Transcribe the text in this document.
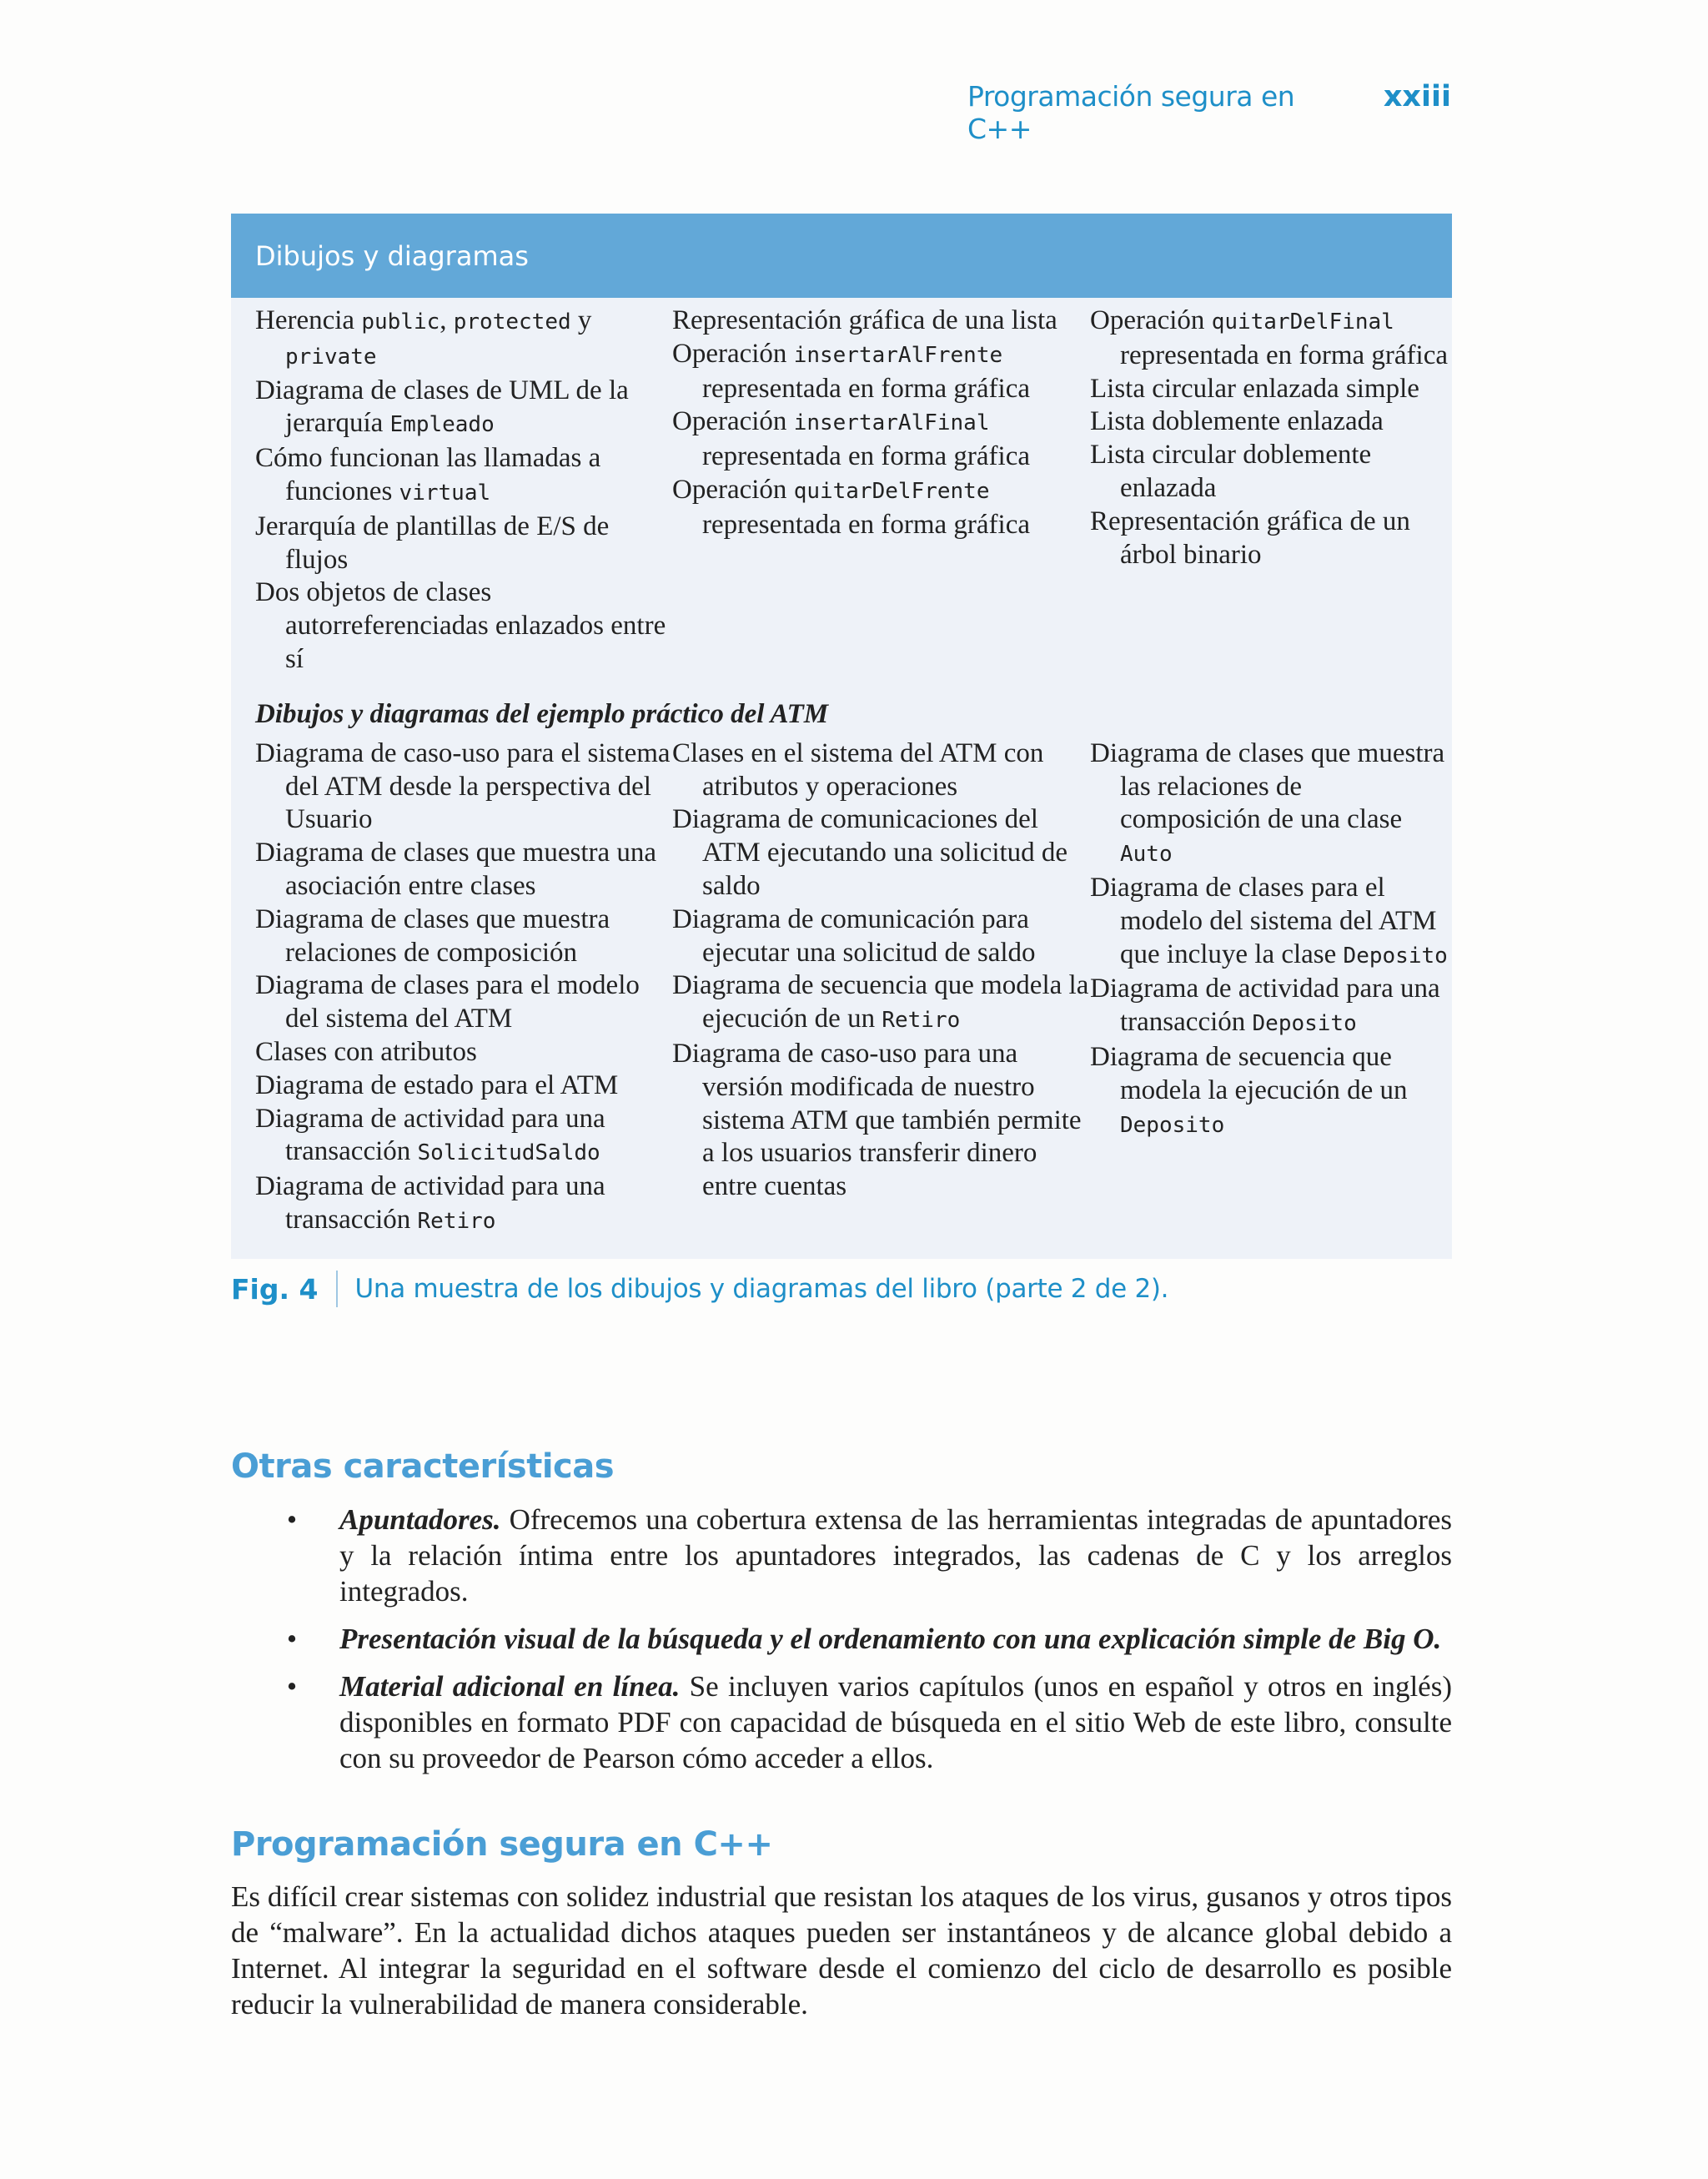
Programación segura en C++
xxiii
Dibujos y diagramas
Herencia public, protected y private
Diagrama de clases de UML de la jerarquía Empleado
Cómo funcionan las llamadas a funciones virtual
Jerarquía de plantillas de E/S de flujos
Dos objetos de clases autorreferenciadas enlazados entre sí
Representación gráfica de una lista
Operación insertarAlFrente representada en forma gráfica
Operación insertarAlFinal representada en forma gráfica
Operación quitarDelFrente representada en forma gráfica
Operación quitarDelFinal representada en forma gráfica
Lista circular enlazada simple
Lista doblemente enlazada
Lista circular doblemente enlazada
Representación gráfica de un árbol binario
Dibujos y diagramas del ejemplo práctico del ATM
Diagrama de caso-uso para el sistema del ATM desde la perspectiva del Usuario
Diagrama de clases que muestra una asociación entre clases
Diagrama de clases que muestra relaciones de composición
Diagrama de clases para el modelo del sistema del ATM
Clases con atributos
Diagrama de estado para el ATM
Diagrama de actividad para una transacción SolicitudSaldo
Diagrama de actividad para una transacción Retiro
Clases en el sistema del ATM con atributos y operaciones
Diagrama de comunicaciones del ATM ejecutando una solicitud de saldo
Diagrama de comunicación para ejecutar una solicitud de saldo
Diagrama de secuencia que modela la ejecución de un Retiro
Diagrama de caso-uso para una versión modificada de nuestro sistema ATM que también permite a los usuarios transferir dinero entre cuentas
Diagrama de clases que muestra las relaciones de composición de una clase Auto
Diagrama de clases para el modelo del sistema del ATM que incluye la clase Deposito
Diagrama de actividad para una transacción Deposito
Diagrama de secuencia que modela la ejecución de un Deposito
Fig. 4 Una muestra de los dibujos y diagramas del libro (parte 2 de 2).
Otras características
•	Apuntadores. Ofrecemos una cobertura extensa de las herramientas integradas de apuntadores y la relación íntima entre los apuntadores integrados, las cadenas de C y los arreglos integrados.
•	Presentación visual de la búsqueda y el ordenamiento con una explicación simple de Big O.
•	Material adicional en línea. Se incluyen varios capítulos (unos en español y otros en inglés) disponibles en formato PDF con capacidad de búsqueda en el sitio Web de este libro, consulte con su proveedor de Pearson cómo acceder a ellos.
Programación segura en C++
Es difícil crear sistemas con solidez industrial que resistan los ataques de los virus, gusanos y otros tipos de “malware”. En la actualidad dichos ataques pueden ser instantáneos y de alcance global debido a Internet. Al integrar la seguridad en el software desde el comienzo del ciclo de desarrollo es posible reducir la vulnerabilidad de manera considerable.
